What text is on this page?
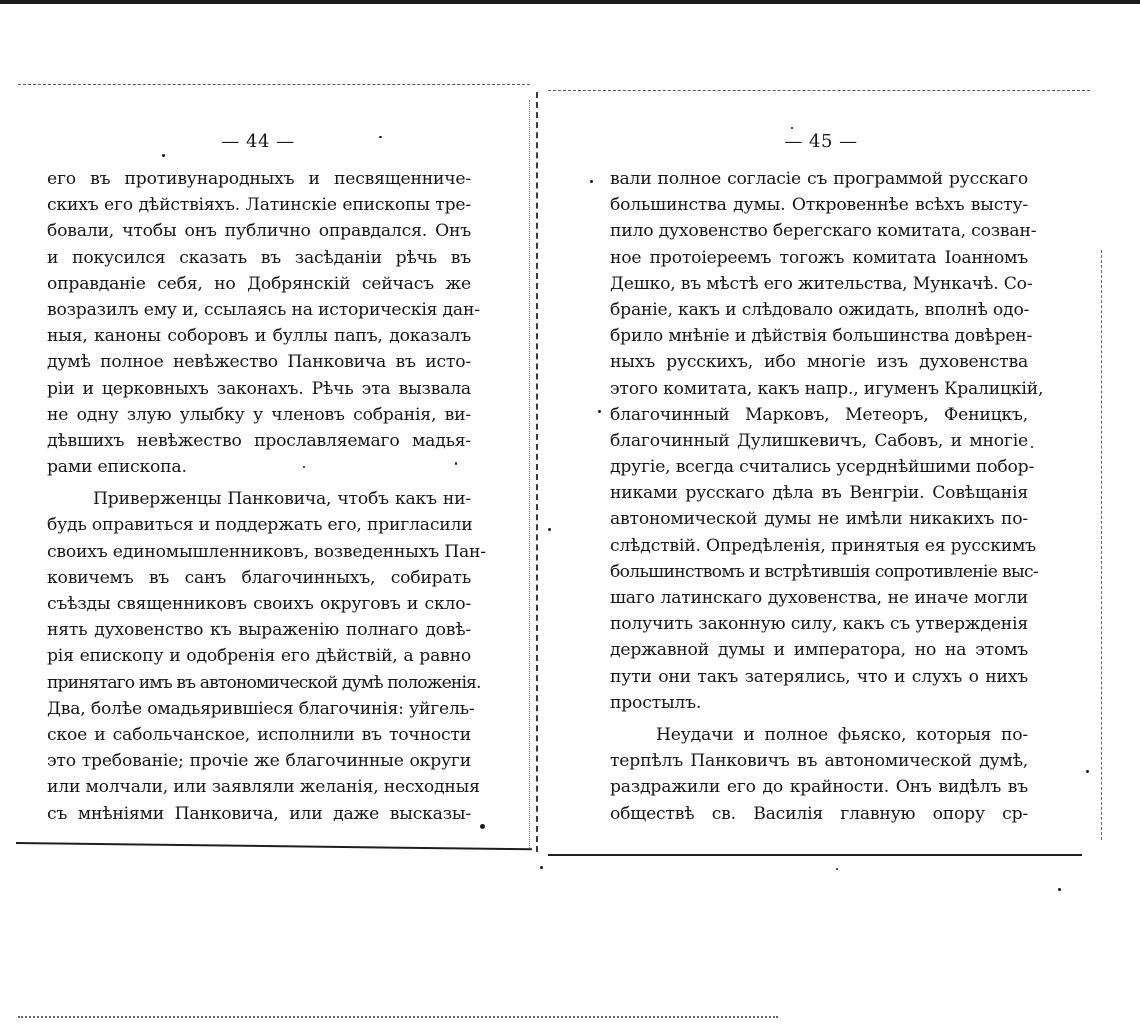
— 44 —
его въ противународныхъ и песвященниче-
скихъ его дѣйствіяхъ. Латинскіе епископы тре-
бовали, чтобы онъ публично оправдался. Онъ
и покусился сказать въ засѣданіи рѣчь въ
оправданіе себя, но Добрянскій сейчасъ же
возразилъ ему и, ссылаясь на историческія дан-
ныя, каноны соборовъ и буллы папъ, доказалъ
думѣ полное невѣжество Панковича въ исто-
ріи и церковныхъ законахъ. Рѣчь эта вызвала
не одну злую улыбку у членовъ собранія, ви-
дѣвшихъ невѣжество прославляемаго мадья-
рами епископа.
Приверженцы Панковича, чтобъ какъ ни-
будь оправиться и поддержать его, пригласили
своихъ единомышленниковъ, возведенныхъ Пан-
ковичемъ въ санъ благочинныхъ, собирать
съѣзды священниковъ своихъ округовъ и скло-
нять духовенство къ выраженію полнаго довѣ-
рія епископу и одобренія его дѣйствій, а равно
принятаго имъ въ автономической думѣ положенія.
Два, болѣе омадьярившіеся благочинія: уйгель-
ское и сабольчанское, исполнили въ точности
это требованіе; прочіе же благочинные округи
или молчали, или заявляли желанія, несходныя
съ мнѣніями Панковича, или даже высказы-
— 45 —
вали полное согласіе съ программой русскаго
большинства думы. Откровеннѣе всѣхъ высту-
пило духовенство берегскаго комитата, созван-
ное протоіереемъ тогожъ комитата Іоанномъ
Дешко, въ мѣстѣ его жительства, Мункачѣ. Со-
браніе, какъ и слѣдовало ожидать, вполнѣ одо-
брило мнѣніе и дѣйствія большинства довѣрен-
ныхъ русскихъ, ибо многіе изъ духовенства
этого комитата, какъ напр., игуменъ Кралицкій,
благочинный Марковъ, Метеоръ, Феницкъ,
благочинный Дулишкевичъ, Сабовъ, и многіе
другіе, всегда считались усерднѣйшими побор-
никами русскаго дѣла въ Венгріи. Совѣщанія
автономической думы не имѣли никакихъ по-
слѣдствій. Опредѣленія, принятыя ея русскимъ
большинствомъ и встрѣтившія сопротивленіе выс-
шаго латинскаго духовенства, не иначе могли
получить законную силу, какъ съ утвержденія
державной думы и императора, но на этомъ
пути они такъ затерялись, что и слухъ о нихъ
простылъ.
Неудачи и полное фьяско, которыя по-
терпѣлъ Панковичъ въ автономической думѣ,
раздражили его до крайности. Онъ видѣлъ въ
обществѣ св. Василія главную опору ср-
